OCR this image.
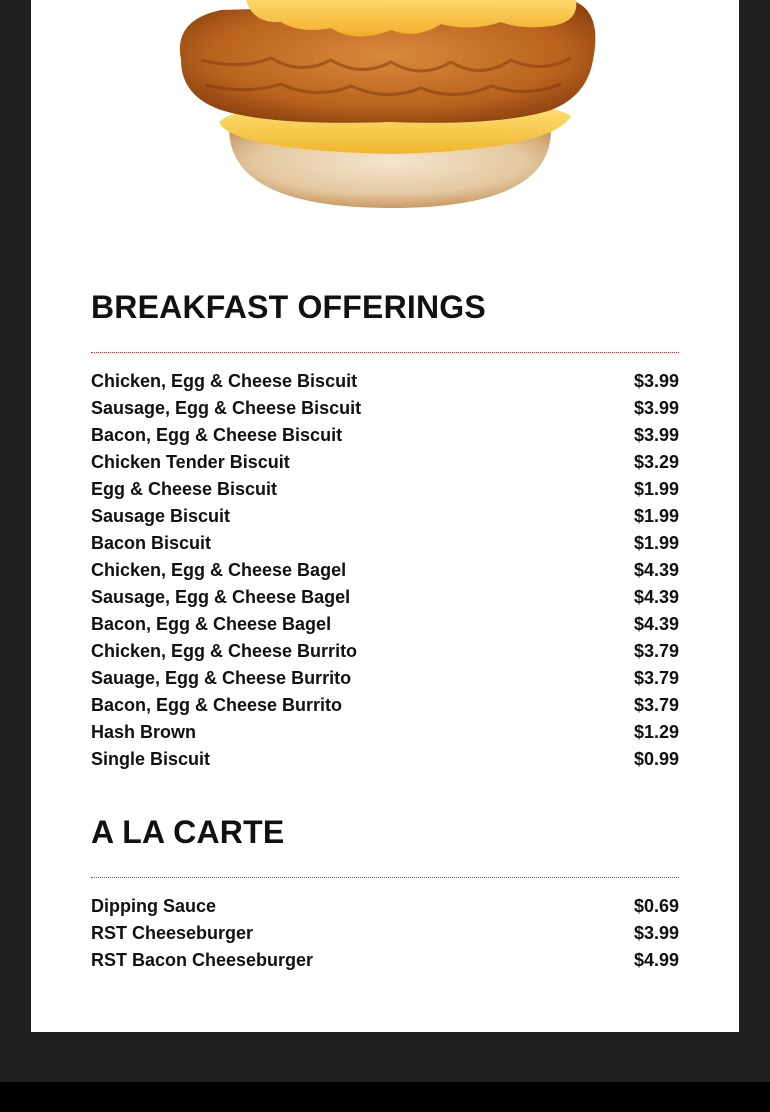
BREAKFAST OFFERINGS
Chicken, Egg & Cheese Biscuit	$3.99
Sausage, Egg & Cheese Biscuit	$3.99
Bacon, Egg & Cheese Biscuit	$3.99
Chicken Tender Biscuit	$3.29
Egg & Cheese Biscuit	$1.99
Sausage Biscuit	$1.99
Bacon Biscuit	$1.99
Chicken, Egg & Cheese Bagel	$4.39
Sausage, Egg & Cheese Bagel	$4.39
Bacon, Egg & Cheese Bagel	$4.39
Chicken, Egg & Cheese Burrito	$3.79
Sauage, Egg & Cheese Burrito	$3.79
Bacon, Egg & Cheese Burrito	$3.79
Hash Brown	$1.29
Single Biscuit	$0.99
A LA CARTE
Dipping Sauce	$0.69
RST Cheeseburger	$3.99
RST Bacon Cheeseburger	$4.99
